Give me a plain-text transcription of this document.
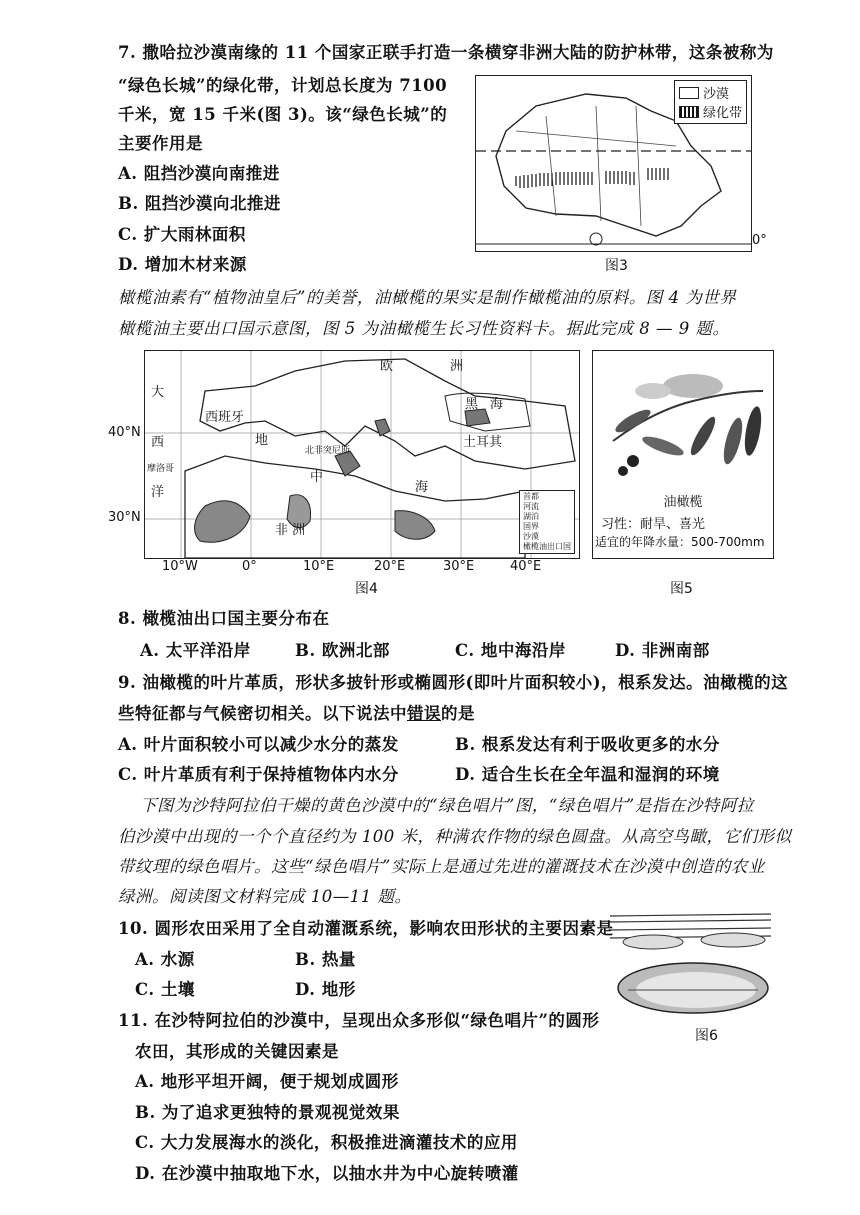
7. 撒哈拉沙漠南缘的 11 个国家正联手打造一条横穿非洲大陆的防护林带，这条被称为
“绿色长城”的绿化带，计划总长度为 7100
千米，宽 15 千米(图 3)。该“绿色长城”的
主要作用是
A. 阻挡沙漠向南推进
B. 阻挡沙漠向北推进
C. 扩大雨林面积
D. 增加木材来源
沙漠
绿化带
0°
图3
橄榄油素有“植物油皇后”的美誉，油橄榄的果实是制作橄榄油的原料。图 4 为世界
橄榄油主要出口国示意图，图 5 为油橄榄生长习性资料卡。据此完成 8 — 9 题。
大
西
洋
西班牙
摩洛哥
地
中
海
非 洲
欧	洲
黑 海
土耳其
北非突尼斯
首都
河流
湖泊
国界
沙漠
橄榄油出口国
40°N
30°N
10°W	0°	10°E	20°E	30°E	40°E
图4
油橄榄
习性：耐旱、喜光
适宜的年降水量：500-700mm
图5
8. 橄榄油出口国主要分布在
A. 太平洋沿岸	B. 欧洲北部	C. 地中海沿岸	D. 非洲南部
9. 油橄榄的叶片革质，形状多披针形或椭圆形(即叶片面积较小)，根系发达。油橄榄的这
些特征都与气候密切相关。以下说法中错误的是
A. 叶片面积较小可以减少水分的蒸发	B. 根系发达有利于吸收更多的水分
C. 叶片革质有利于保持植物体内水分	D. 适合生长在全年温和湿润的环境
下图为沙特阿拉伯干燥的黄色沙漠中的“绿色唱片”图，“绿色唱片”是指在沙特阿拉
伯沙漠中出现的一个个直径约为 100 米，种满农作物的绿色圆盘。从高空鸟瞰，它们形似
带纹理的绿色唱片。这些“绿色唱片”实际上是通过先进的灌溉技术在沙漠中创造的农业
绿洲。阅读图文材料完成 10—11 题。
10. 圆形农田采用了全自动灌溉系统，影响农田形状的主要因素是
A. 水源	B. 热量
C. 土壤	D. 地形
图6
11. 在沙特阿拉伯的沙漠中，呈现出众多形似“绿色唱片”的圆形
农田，其形成的关键因素是
A. 地形平坦开阔，便于规划成圆形
B. 为了追求更独特的景观视觉效果
C. 大力发展海水的淡化，积极推进滴灌技术的应用
D. 在沙漠中抽取地下水，以抽水井为中心旋转喷灌
